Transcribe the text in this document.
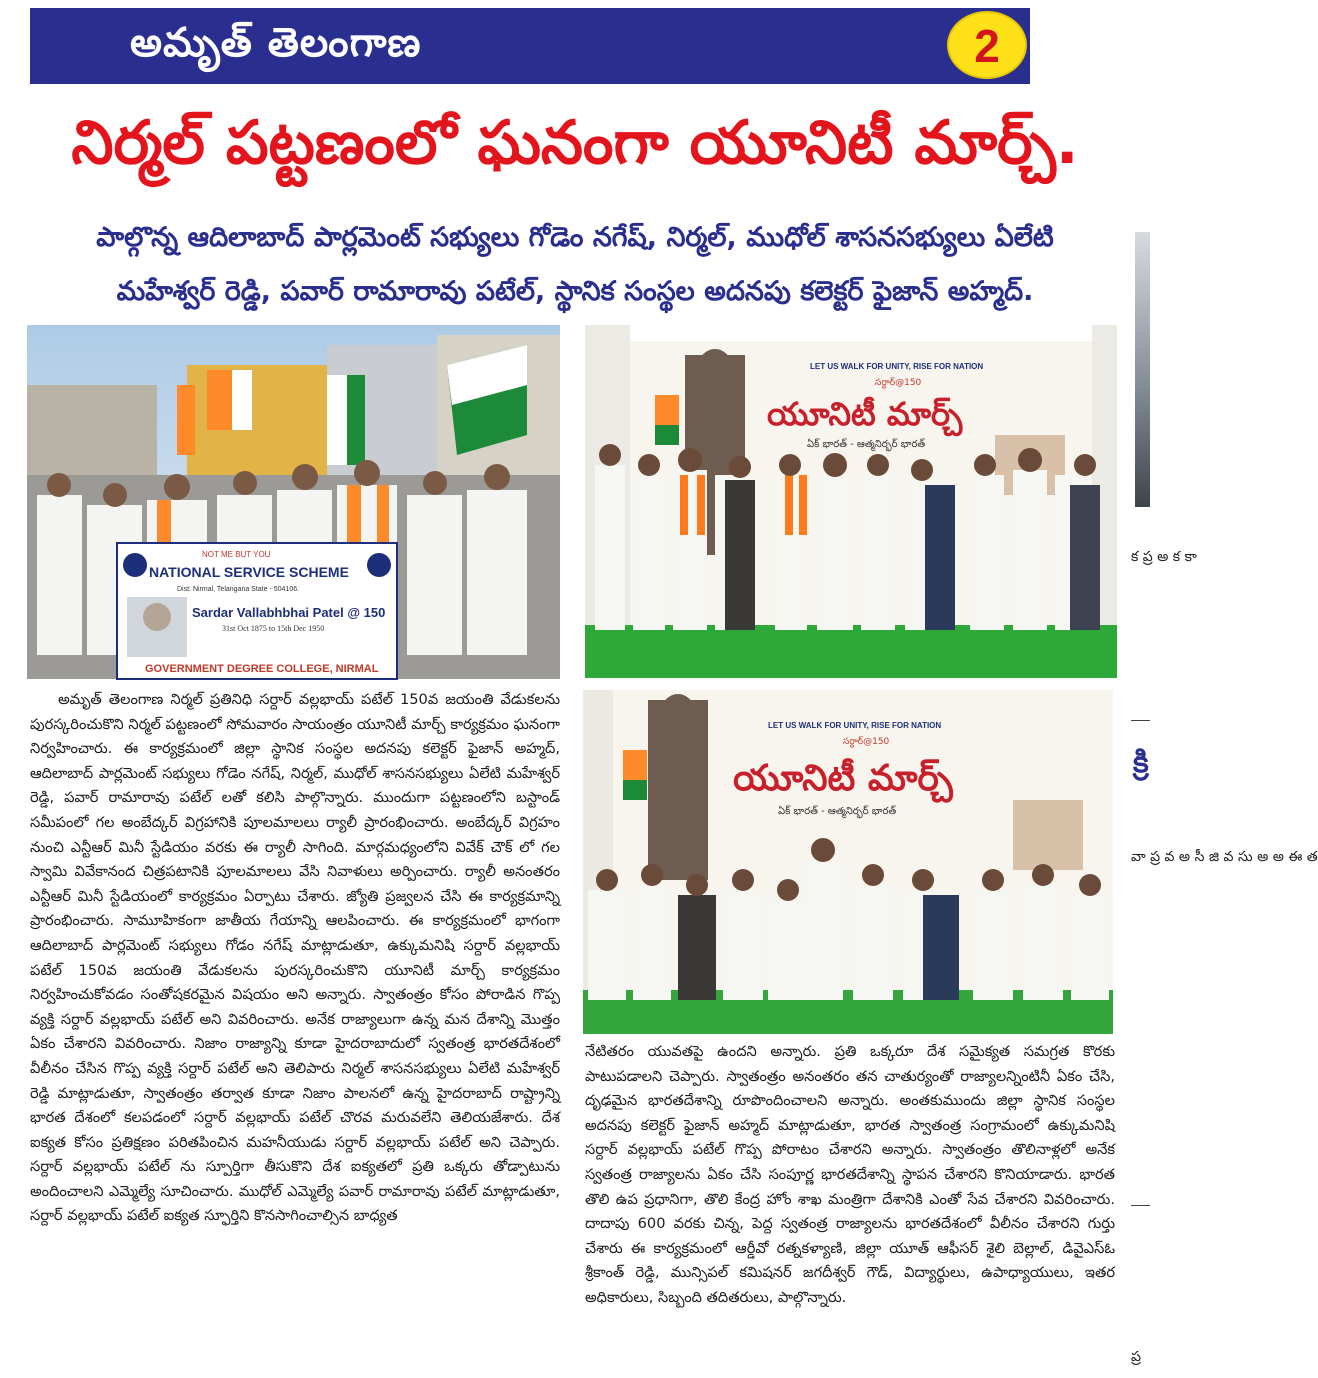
అమృత్ తెలంగాణ	2
నిర్మల్ పట్టణంలో ఘనంగా యూనిటీ మార్చ్.
పాల్గొన్న ఆదిలాబాద్ పార్లమెంట్ సభ్యులు గోడెం నగేష్, నిర్మల్, ముధోల్ శాసనసభ్యులు ఏలేటి
మహేశ్వర్ రెడ్డి, పవార్ రామారావు పటేల్, స్థానిక సంస్థల అదనపు కలెక్టర్ ఫైజాన్ అహ్మద్.
NOT ME BUT YOU
NATIONAL SERVICE SCHEME
Dist: Nirmal, Telangana State - 504106.
Sardar Vallabhbhai Patel @ 150
31st Oct 1875 to 15th Dec 1950
GOVERNMENT DEGREE COLLEGE, NIRMAL
LET US WALK FOR UNITY, RISE FOR NATION
సర్దార్@150
యూనిటీ మార్చ్
ఏక్ భారత్ - ఆత్మనిర్భర్ భారత్
LET US WALK FOR UNITY, RISE FOR NATION
సర్దార్@150
యూనిటీ మార్చ్
ఏక్ భారత్ - ఆత్మనిర్భర్ భారత్
క ప్ర అ క కా
క్రి
వా ప్ర వ అ సీ జి వ సు అ అ ఈ త
ప్ర

అమృత్ తెలంగాణ నిర్మల్ ప్రతినిధి సర్దార్ వల్లభాయ్ పటేల్ 150వ జయంతి వేడుకలను పురస్కరించుకొని నిర్మల్ పట్టణంలో సోమవారం సాయంత్రం యూనిటీ మార్చ్ కార్యక్రమం ఘనంగా నిర్వహించారు. ఈ కార్యక్రమంలో జిల్లా స్థానిక సంస్థల అదనపు కలెక్టర్ ఫైజాన్ అహ్మద్, ఆదిలాబాద్ పార్లమెంట్ సభ్యులు గోడెం నగేష్, నిర్మల్, ముధోల్ శాసనసభ్యులు ఏలేటి మహేశ్వర్ రెడ్డి, పవార్ రామారావు పటేల్ లతో కలిసి పాల్గొన్నారు. ముందుగా పట్టణంలోని బస్టాండ్ సమీపంలో గల అంబేద్కర్ విగ్రహానికి పూలమాలలు ర్యాలీ ప్రారంభించారు. అంబేద్కర్ విగ్రహం నుంచి ఎన్టీఆర్ మినీ స్టేడియం వరకు ఈ ర్యాలీ సాగింది. మార్గమధ్యంలోని వివేక్ చౌక్ లో గల స్వామి వివేకానంద చిత్రపటానికి పూలమాలలు వేసి నివాళులు అర్పించారు. ర్యాలీ అనంతరం ఎన్టీఆర్ మినీ స్టేడియంలో కార్యక్రమం ఏర్పాటు చేశారు. జ్యోతి ప్రజ్వలన చేసి ఈ కార్యక్రమాన్ని ప్రారంభించారు. సామూహికంగా జాతీయ గేయాన్ని ఆలపించారు. ఈ కార్యక్రమంలో భాగంగా ఆదిలాబాద్ పార్లమెంట్ సభ్యులు గోడం నగేష్ మాట్లాడుతూ, ఉక్కుమనిషి సర్దార్ వల్లభాయ్ పటేల్ 150వ జయంతి వేడుకలను పురస్కరించుకొని యూనిటీ మార్చ్ కార్యక్రమం నిర్వహించుకోవడం సంతోషకరమైన విషయం అని అన్నారు. స్వాతంత్రం కోసం పోరాడిన గొప్ప వ్యక్తి సర్దార్ వల్లభాయ్ పటేల్ అని వివరించారు. అనేక రాజ్యాలుగా ఉన్న మన దేశాన్ని మొత్తం ఏకం చేశారని వివరించారు. నిజాం రాజ్యాన్ని కూడా హైదరాబాదులో స్వతంత్ర భారతదేశంలో వీలీనం చేసిన గొప్ప వ్యక్తి సర్దార్ పటేల్ అని తెలిపారు నిర్మల్ శాసనసభ్యులు ఏలేటి మహేశ్వర్ రెడ్డి మాట్లాడుతూ, స్వాతంత్రం తర్వాత కూడా నిజాం పాలనలో ఉన్న హైదరాబాద్ రాష్ట్రాన్ని భారత దేశంలో కలపడంలో సర్దార్ వల్లభాయ్ పటేల్ చొరవ మరువలేని తెలియజేశారు. దేశ ఐక్యత కోసం ప్రతిక్షణం పరితపించిన మహనీయుడు సర్దార్ వల్లభాయ్ పటేల్ అని చెప్పారు. సర్దార్ వల్లభాయ్ పటేల్ ను స్పూర్తిగా తీసుకొని దేశ ఐక్యతలో ప్రతి ఒక్కరు తోడ్పాటును అందించాలని ఎమ్మెల్యే సూచించారు. ముధోల్ ఎమ్మెల్యే పవార్ రామారావు పటేల్ మాట్లాడుతూ, సర్దార్ వల్లభాయ్ పటేల్ ఐక్యత స్ఫూర్తిని కొనసాగించాల్సిన బాధ్యత

నేటితరం యువతపై ఉందని అన్నారు. ప్రతి ఒక్కరూ దేశ సమైక్యత సమగ్రత కొరకు పాటుపడాలని చెప్పారు. స్వాతంత్రం అనంతరం తన చాతుర్యంతో రాజ్యాలన్నింటినీ ఏకం చేసి, దృఢమైన భారతదేశాన్ని రూపొందించాలని అన్నారు. అంతకుముందు జిల్లా స్థానిక సంస్థల అదనపు కలెక్టర్ ఫైజాన్ అహ్మద్ మాట్లాడుతూ, భారత స్వాతంత్ర సంగ్రామంలో ఉక్కుమనిషి సర్దార్ వల్లభాయ్ పటేల్ గొప్ప పోరాటం చేశారని అన్నారు. స్వాతంత్రం తొలినాళ్లలో అనేక స్వతంత్ర రాజ్యాలను ఏకం చేసి సంపూర్ణ భారతదేశాన్ని స్థాపన చేశారని కొనియాడారు. భారత తొలి ఉప ప్రధానిగా, తొలి కేంద్ర హోం శాఖ మంత్రిగా దేశానికి ఎంతో సేవ చేశారని వివరించారు. దాదాపు 600 వరకు చిన్న, పెద్ద స్వతంత్ర రాజ్యాలను భారతదేశంలో వీలీనం చేశారని గుర్తు చేశారు ఈ కార్యక్రమంలో ఆర్డీవో రత్నకళ్యాణి, జిల్లా యూత్ ఆఫీసర్ శైలి బెల్లాల్, డివైఎస్ఓ శ్రీకాంత్ రెడ్డి, మున్సిపల్ కమిషనర్ జగదీశ్వర్ గౌడ్, విద్యార్థులు, ఉపాధ్యాయులు, ఇతర అధికారులు, సిబ్బంది తదితరులు, పాల్గొన్నారు.
